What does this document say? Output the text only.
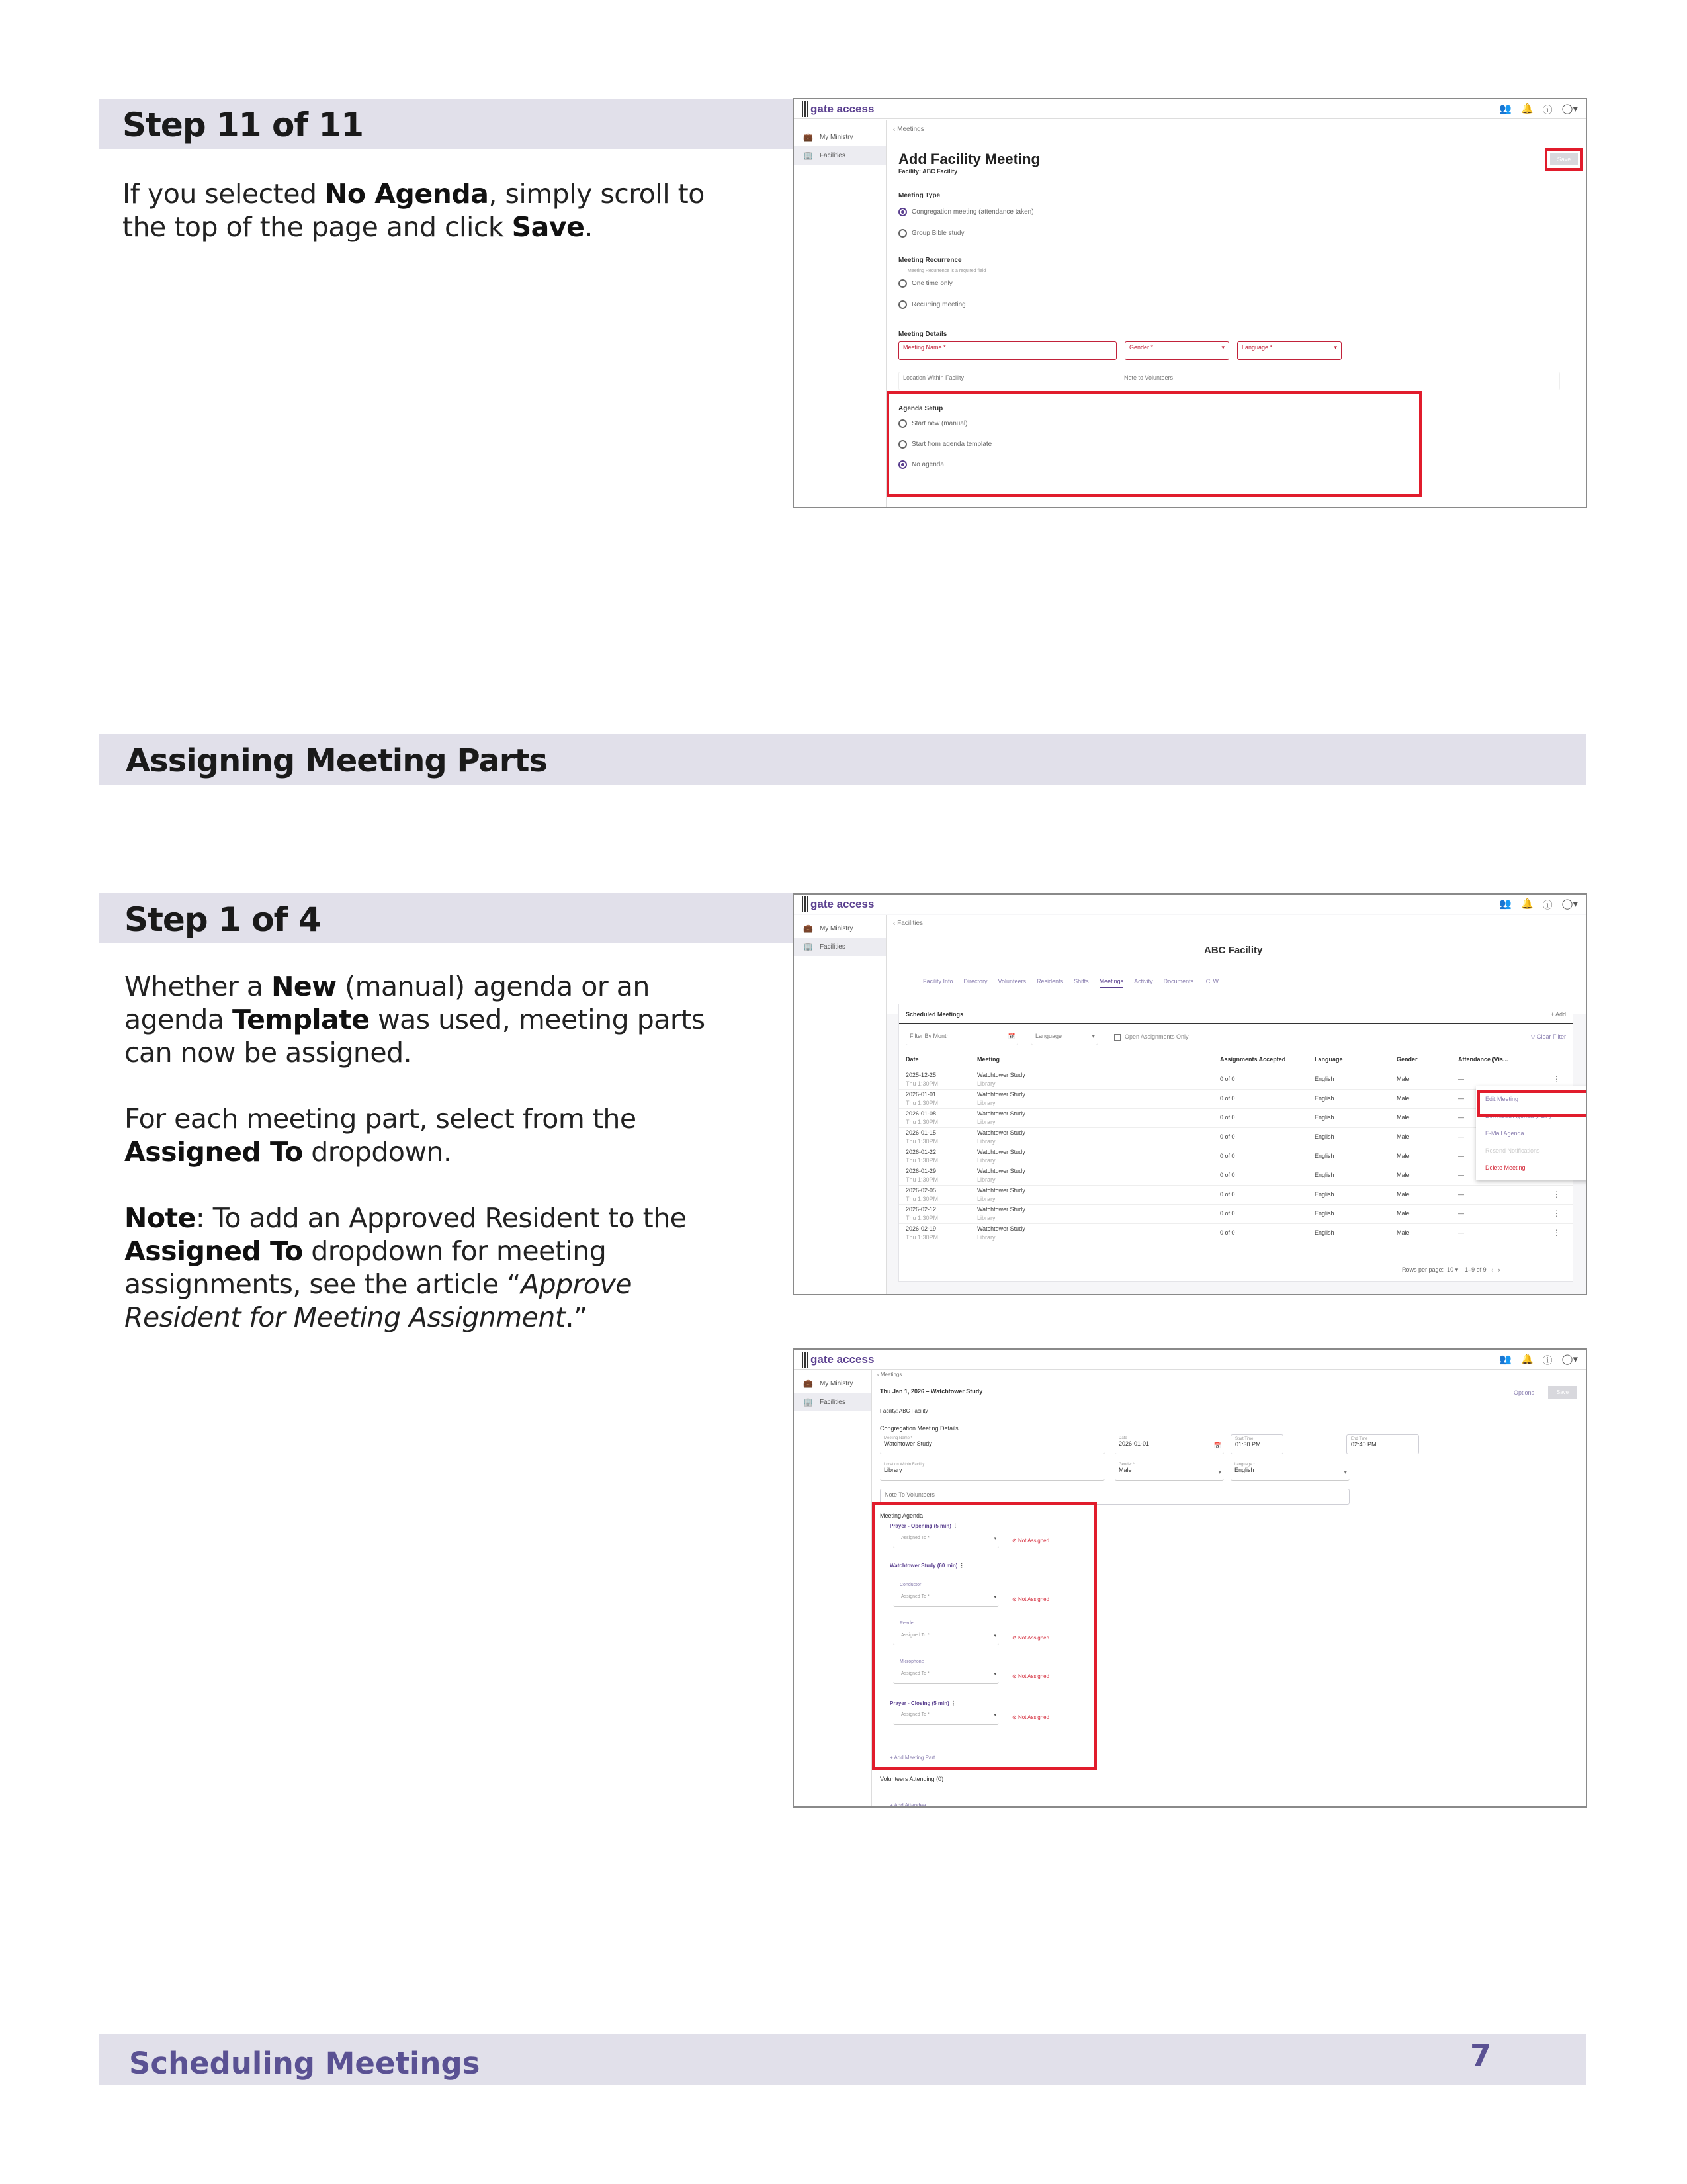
Step 11 of 11
If you selected No Agenda, simply scroll to the top of the page and click Save.
gate access	👥 🔔 ⓘ ◯▾
💼 My Ministry
🏢 Facilities
‹ Meetings
Add Facility Meeting
Facility: ABC Facility
Save
Meeting Type
Congregation meeting (attendance taken)
Group Bible study
Meeting Recurrence
Meeting Recurrence is a required field
One time only
Recurring meeting
Meeting Details
Meeting Name *	Gender *	▾	Language *	▾
Location Within Facility	Note to Volunteers
Agenda Setup
Start new (manual)
Start from agenda template
No agenda
Assigning Meeting Parts
Step 1 of 4

Whether a New (manual) agenda or an agenda Template was used, meeting parts can now be assigned.

For each meeting part, select from the Assigned To dropdown.

Note: To add an Approved Resident to the Assigned To dropdown for meeting assignments, see the article “Approve Resident for Meeting Assignment.”

gate access	👥 🔔 ⓘ ◯▾
💼 My Ministry
🏢 Facilities
‹ Facilities
ABC Facility
Facility Info Directory Volunteers Residents Shifts Meetings Activity Documents ICLW
Scheduled Meetings	+ Add
Filter By Month	📅	Language	▾	Open Assignments Only	▽ Clear Filter
Date	Meeting	Assignments Accepted	Language	Gender	Attendance (Vis...
2025-12-25
Thu 1:30PM
Watchtower Study
Library
0 of 0	English	Male	—	⋮
2026-01-01
Thu 1:30PM
Watchtower Study
Library
0 of 0	English	Male	—
2026-01-08
Thu 1:30PM
Watchtower Study
Library
0 of 0	English	Male	—
2026-01-15
Thu 1:30PM
Watchtower Study
Library
0 of 0	English	Male	—
2026-01-22
Thu 1:30PM
Watchtower Study
Library
0 of 0	English	Male	—
2026-01-29
Thu 1:30PM
Watchtower Study
Library
0 of 0	English	Male	—
2026-02-05
Thu 1:30PM
Watchtower Study
Library
0 of 0	English	Male	—	⋮
2026-02-12
Thu 1:30PM
Watchtower Study
Library
0 of 0	English	Male	—	⋮
2026-02-19
Thu 1:30PM
Watchtower Study
Library
0 of 0	English	Male	—	⋮
Rows per page: 10 ▾    1–9 of 9 ‹ ›
Edit Meeting
Download Agenda (PDF)
E-Mail Agenda
Resend Notifications
Delete Meeting
gate access	👥 🔔 ⓘ ◯▾
💼 My Ministry
🏢 Facilities
‹ Meetings
Thu Jan 1, 2026 – Watchtower Study	Options	Save
Facility: ABC Facility
Congregation Meeting Details
Meeting Name *
Watchtower Study
Date
2026-01-01	📅
Start Time
01:30 PM
End Time
02:40 PM
Location Within Facility
Library
Gender *
Male	▾
Language *
English	▾
Note To Volunteers
Meeting Agenda
Prayer - Opening (5 min) ⋮
Assigned To *	▾	⊘ Not Assigned
Watchtower Study (60 min) ⋮
Conductor
Assigned To *	▾	⊘ Not Assigned
Reader
Assigned To *	▾	⊘ Not Assigned
Microphone
Assigned To *	▾	⊘ Not Assigned
Prayer - Closing (5 min) ⋮
Assigned To *	▾	⊘ Not Assigned
+ Add Meeting Part
Volunteers Attending (0)
+ Add Attendee
Scheduling Meetings	7
